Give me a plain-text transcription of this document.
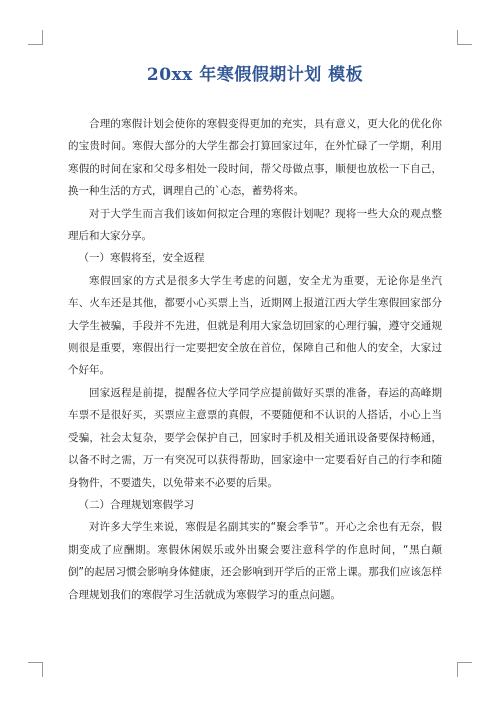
20xx 年寒假假期计划 模板

合理的寒假计划会使你的寒假变得更加的充实，具有意义，更大化的优化你的宝贵时间。寒假大部分的大学生都会打算回家过年，在外忙碌了一学期，利用寒假的时间在家和父母多相处一段时间，帮父母做点事，顺便也放松一下自己，换一种生活的方式，调理自己的`心态，蓄势将来。

对于大学生而言我们该如何拟定合理的寒假计划呢？现将一些大众的观点整理后和大家分享。

（一）寒假将至，安全返程

寒假回家的方式是很多大学生考虑的问题，安全尤为重要，无论你是坐汽车、火车还是其他，都要小心买票上当，近期网上报道江西大学生寒假回家部分大学生被骗，手段并不先进，但就是利用大家急切回家的心理行骗，遵守交通规则很是重要，寒假出行一定要把安全放在首位，保障自己和他人的安全，大家过个好年。

回家返程是前提，提醒各位大学同学应提前做好买票的准备，春运的高峰期车票不是很好买，买票应主意票的真假，不要随便和不认识的人搭话，小心上当受骗，社会太复杂，要学会保护自己，回家时手机及相关通讯设备要保持畅通，以备不时之需，万一有突况可以获得帮助，回家途中一定要看好自己的行李和随身物件，不要遗失，以免带来不必要的后果。

（二）合理规划寒假学习

对许多大学生来说，寒假是名副其实的“聚会季节”。开心之余也有无奈，假期变成了应酬期。寒假休闲娱乐或外出聚会要注意科学的作息时间，“黑白颠倒”的起居习惯会影响身体健康，还会影响到开学后的正常上课。那我们应该怎样合理规划我们的寒假学习生活就成为寒假学习的重点问题。
